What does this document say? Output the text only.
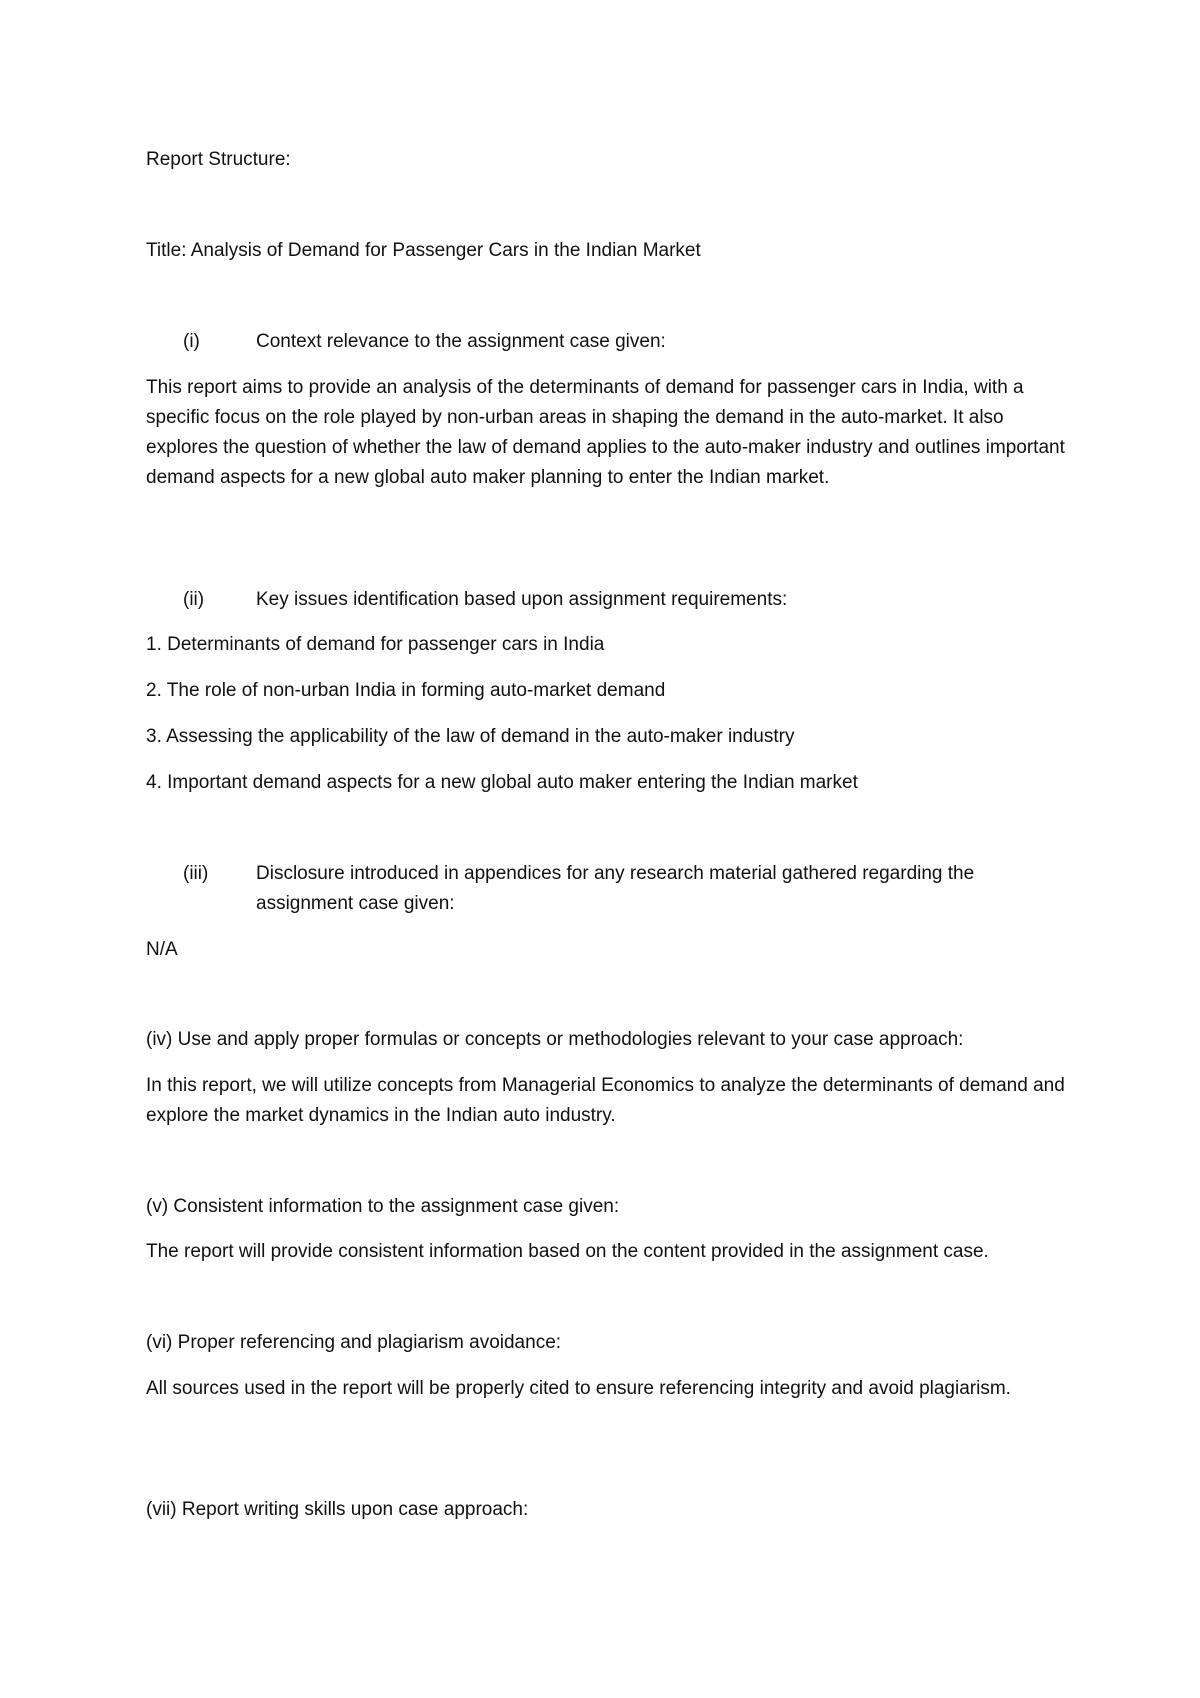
Report Structure:

Title: Analysis of Demand for Passenger Cars in the Indian Market

(i)	Context relevance to the assignment case given:

This report aims to provide an analysis of the determinants of demand for passenger cars in India, with a specific focus on the role played by non-urban areas in shaping the demand in the auto-market. It also explores the question of whether the law of demand applies to the auto-maker industry and outlines important demand aspects for a new global auto maker planning to enter the Indian market.

(ii)	Key issues identification based upon assignment requirements:

1. Determinants of demand for passenger cars in India

2. The role of non-urban India in forming auto-market demand

3. Assessing the applicability of the law of demand in the auto-maker industry

4. Important demand aspects for a new global auto maker entering the Indian market

(iii)	Disclosure introduced in appendices for any research material gathered regarding the assignment case given:

N/A

(iv) Use and apply proper formulas or concepts or methodologies relevant to your case approach:

In this report, we will utilize concepts from Managerial Economics to analyze the determinants of demand and explore the market dynamics in the Indian auto industry.

(v) Consistent information to the assignment case given:

The report will provide consistent information based on the content provided in the assignment case.

(vi) Proper referencing and plagiarism avoidance:

All sources used in the report will be properly cited to ensure referencing integrity and avoid plagiarism.

(vii) Report writing skills upon case approach:
